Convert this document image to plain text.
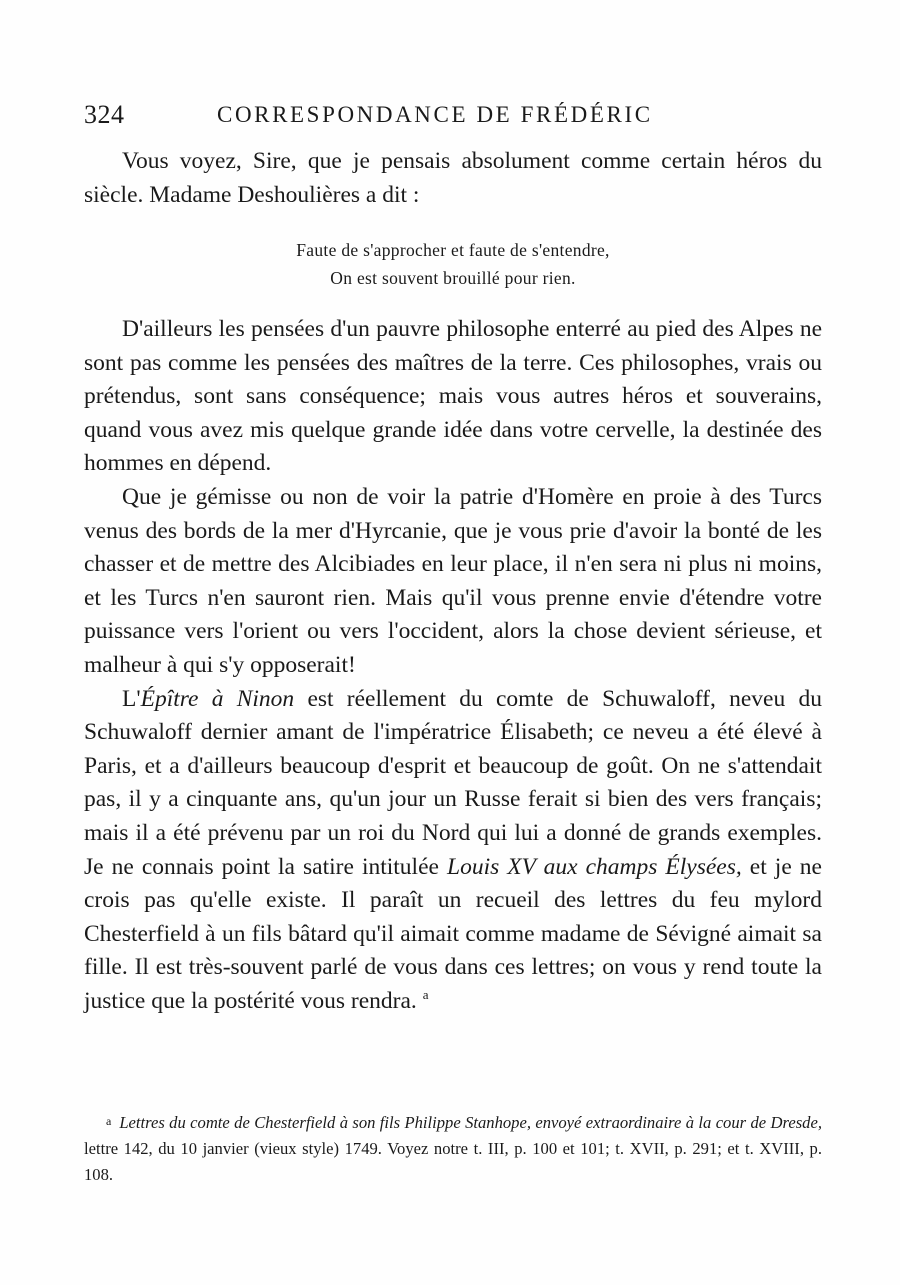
324	CORRESPONDANCE DE FRÉDÉRIC

Vous voyez, Sire, que je pensais absolument comme certain héros du siècle. Madame Deshoulières a dit :

Faute de s'approcher et faute de s'entendre,
On est souvent brouillé pour rien.

D'ailleurs les pensées d'un pauvre philosophe enterré au pied des Alpes ne sont pas comme les pensées des maîtres de la terre. Ces philosophes, vrais ou prétendus, sont sans conséquence; mais vous autres héros et souverains, quand vous avez mis quelque grande idée dans votre cervelle, la destinée des hommes en dépend.

Que je gémisse ou non de voir la patrie d'Homère en proie à des Turcs venus des bords de la mer d'Hyrcanie, que je vous prie d'avoir la bonté de les chasser et de mettre des Alcibiades en leur place, il n'en sera ni plus ni moins, et les Turcs n'en sauront rien. Mais qu'il vous prenne envie d'étendre votre puissance vers l'orient ou vers l'occident, alors la chose devient sérieuse, et malheur à qui s'y opposerait!

L'Épître à Ninon est réellement du comte de Schuwaloff, neveu du Schuwaloff dernier amant de l'impératrice Élisabeth; ce neveu a été élevé à Paris, et a d'ailleurs beaucoup d'esprit et beaucoup de goût. On ne s'attendait pas, il y a cinquante ans, qu'un jour un Russe ferait si bien des vers français; mais il a été prévenu par un roi du Nord qui lui a donné de grands exemples. Je ne connais point la satire intitulée Louis XV aux champs Élysées, et je ne crois pas qu'elle existe. Il paraît un recueil des lettres du feu mylord Chesterfield à un fils bâtard qu'il aimait comme madame de Sévigné aimait sa fille. Il est très-souvent parlé de vous dans ces lettres; on vous y rend toute la justice que la postérité vous rendra. $^a$

a Lettres du comte de Chesterfield à son fils Philippe Stanhope, envoyé extraordinaire à la cour de Dresde, lettre 142, du 10 janvier (vieux style) 1749. Voyez notre t. III, p. 100 et 101; t. XVII, p. 291; et t. XVIII, p. 108.
